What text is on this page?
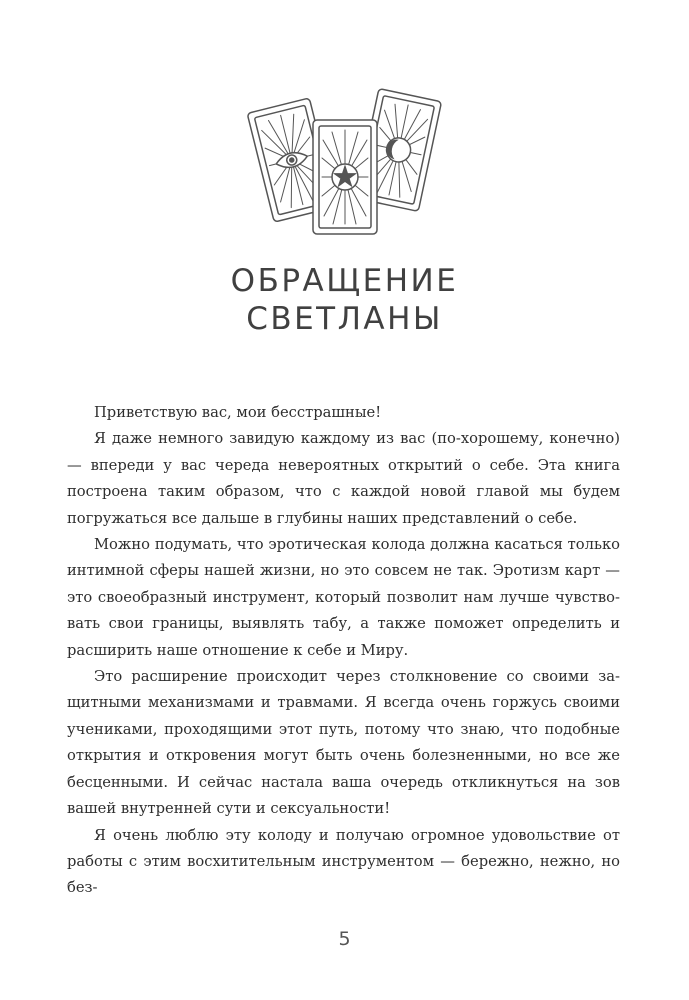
ОБРАЩЕНИЕ
СВЕТЛАНЫ

Приветствую вас, мои бесстрашные!

Я даже немного завидую каждому из вас (по-хорошему, конечно) — впереди у вас череда невероятных открытий о себе. Эта книга построена таким образом, что с каждой новой главой мы будем погружаться все дальше в глубины наших представлений о себе.

Можно подумать, что эротическая колода должна касаться только интимной сферы нашей жизни, но это совсем не так. Эротизм карт — это своеобразный инструмент, который позволит нам лучше чувствовать свои границы, выявлять табу, а также поможет определить и расширить наше отношение к себе и Миру.

Это расширение происходит через столкновение со своими защитными механизмами и травмами. Я всегда очень горжусь своими учениками, проходящими этот путь, потому что знаю, что подобные открытия и откровения могут быть очень болезненными, но все же бесценными. И сейчас настала ваша очередь откликнуться на зов вашей внутренней сути и сексуальности!

Я очень люблю эту колоду и получаю огромное удовольствие от работы с этим восхитительным инструментом — бережно, нежно, но без-

5
